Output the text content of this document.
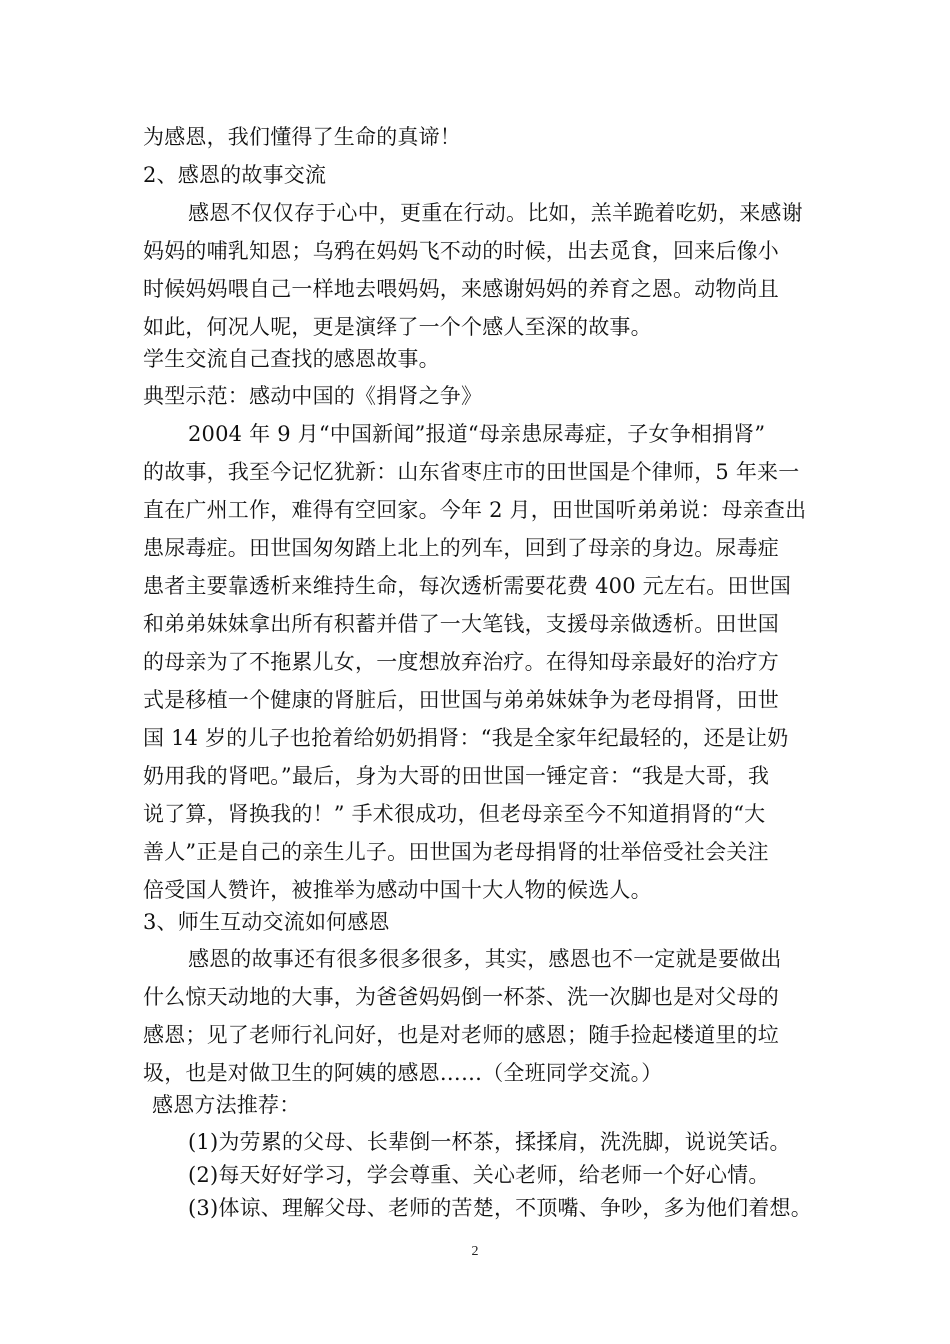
为感恩，我们懂得了生命的真谛！
2、感恩的故事交流
感恩不仅仅存于心中，更重在行动。比如，羔羊跪着吃奶，来感谢
妈妈的哺乳知恩；乌鸦在妈妈飞不动的时候，出去觅食，回来后像小
时候妈妈喂自己一样地去喂妈妈，来感谢妈妈的养育之恩。动物尚且
如此，何况人呢，更是演绎了一个个感人至深的故事。
学生交流自己查找的感恩故事。
典型示范：感动中国的《捐肾之争》
2004 年 9 月“中国新闻”报道“母亲患尿毒症，子女争相捐肾”
的故事，我至今记忆犹新：山东省枣庄市的田世国是个律师，5 年来一
直在广州工作，难得有空回家。今年 2 月，田世国听弟弟说：母亲查出
患尿毒症。田世国匆匆踏上北上的列车，回到了母亲的身边。尿毒症
患者主要靠透析来维持生命，每次透析需要花费 400 元左右。田世国
和弟弟妹妹拿出所有积蓄并借了一大笔钱，支援母亲做透析。田世国
的母亲为了不拖累儿女，一度想放弃治疗。在得知母亲最好的治疗方
式是移植一个健康的肾脏后，田世国与弟弟妹妹争为老母捐肾，田世
国 14 岁的儿子也抢着给奶奶捐肾：“我是全家年纪最轻的，还是让奶
奶用我的肾吧。”最后，身为大哥的田世国一锤定音：“我是大哥，我
说了算，肾换我的！” 手术很成功，但老母亲至今不知道捐肾的“大
善人”正是自己的亲生儿子。田世国为老母捐肾的壮举倍受社会关注
倍受国人赞许，被推举为感动中国十大人物的候选人。
3、师生互动交流如何感恩
感恩的故事还有很多很多很多，其实，感恩也不一定就是要做出
什么惊天动地的大事，为爸爸妈妈倒一杯茶、洗一次脚也是对父母的
感恩；见了老师行礼问好，也是对老师的感恩；随手捡起楼道里的垃
圾，也是对做卫生的阿姨的感恩……（全班同学交流。）
感恩方法推荐：
(1)为劳累的父母、长辈倒一杯茶，揉揉肩，洗洗脚，说说笑话。
(2)每天好好学习，学会尊重、关心老师，给老师一个好心情。
(3)体谅、理解父母、老师的苦楚，不顶嘴、争吵，多为他们着想。
2
